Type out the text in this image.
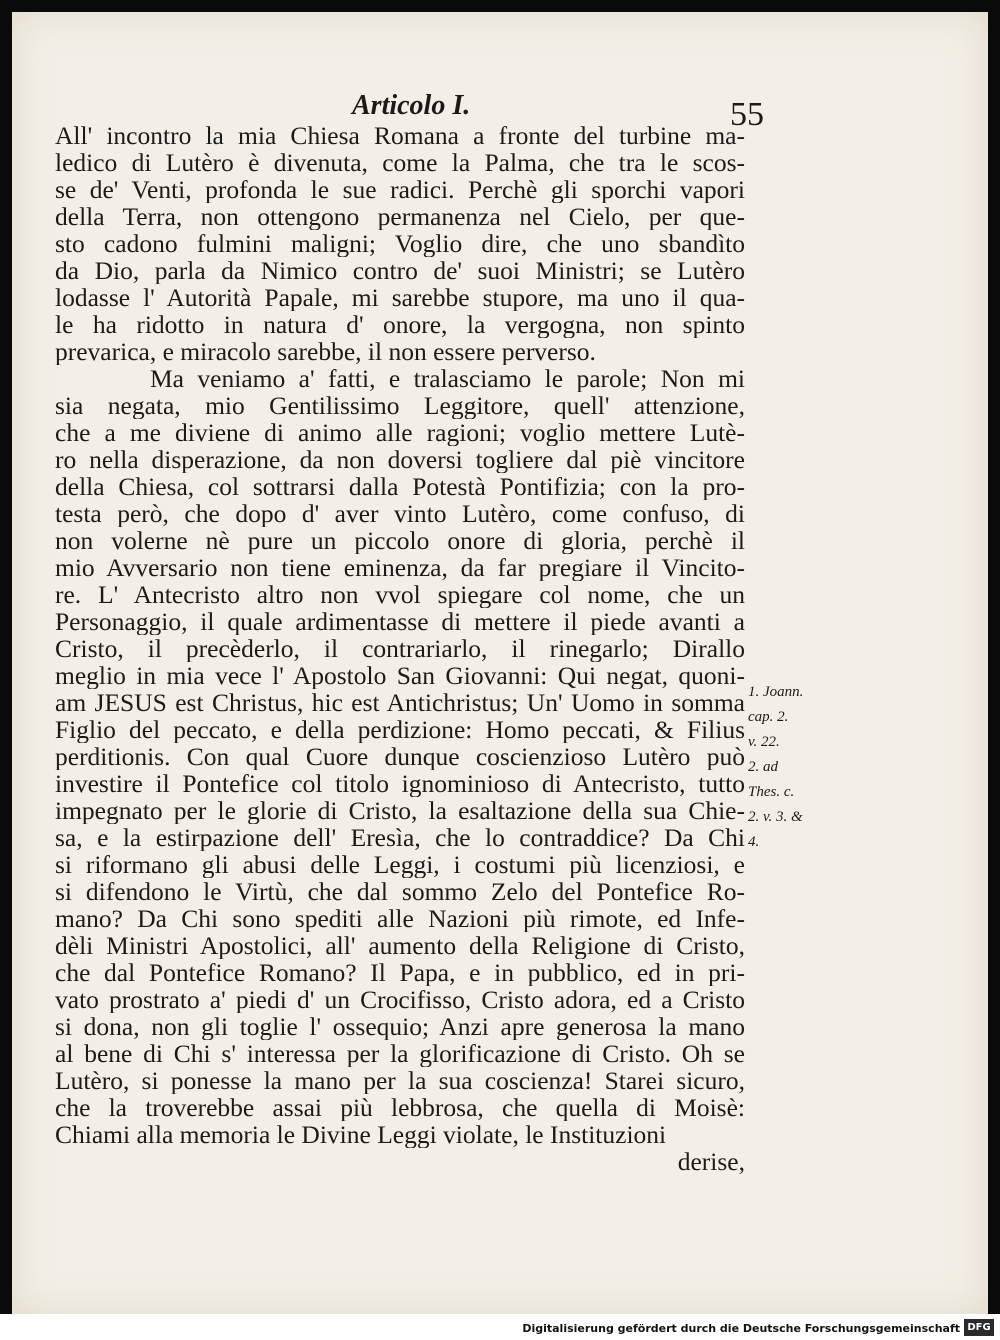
Articolo I.	55
All' incontro la mia Chiesa Romana a fronte del turbine ma-
ledico di Lutèro è divenuta, come la Palma, che tra le scos-
se de' Venti, profonda le sue radici. Perchè gli sporchi vapori
della Terra, non ottengono permanenza nel Cielo, per que-
sto cadono fulmini maligni; Voglio dire, che uno sbandìto
da Dio, parla da Nimico contro de' suoi Ministri; se Lutèro
lodasse l' Autorità Papale, mi sarebbe stupore, ma uno il qua-
le ha ridotto in natura d' onore, la vergogna, non spinto
prevarica, e miracolo sarebbe, il non essere perverso.
Ma veniamo a' fatti, e tralasciamo le parole; Non mi
sia negata, mio Gentilissimo Leggitore, quell' attenzione,
che a me diviene di animo alle ragioni; voglio mettere Lutè-
ro nella disperazione, da non doversi togliere dal piè vincitore
della Chiesa, col sottrarsi dalla Potestà Pontifizia; con la pro-
testa però, che dopo d' aver vinto Lutèro, come confuso, di
non volerne nè pure un piccolo onore di gloria, perchè il
mio Avversario non tiene eminenza, da far pregiare il Vincito-
re. L' Antecristo altro non vvol spiegare col nome, che un
Personaggio, il quale ardimentasse di mettere il piede avanti a
Cristo, il precèderlo, il contrariarlo, il rinegarlo; Dirallo
meglio in mia vece l' Apostolo San Giovanni: Qui negat, quoni-
am JESUS est Christus, hic est Antichristus; Un' Uomo in somma
Figlio del peccato, e della perdizione: Homo peccati, & Filius
perditionis. Con qual Cuore dunque coscienzioso Lutèro può
investire il Pontefice col titolo ignominioso di Antecristo, tutto
impegnato per le glorie di Cristo, la esaltazione della sua Chie-
sa, e la estirpazione dell' Eresìa, che lo contraddice? Da Chi
si riformano gli abusi delle Leggi, i costumi più licenziosi, e
si difendono le Virtù, che dal sommo Zelo del Pontefice Ro-
mano? Da Chi sono spediti alle Nazioni più rimote, ed Infe-
dèli Ministri Apostolici, all' aumento della Religione di Cristo,
che dal Pontefice Romano? Il Papa, e in pubblico, ed in pri-
vato prostrato a' piedi d' un Crocifisso, Cristo adora, ed a Cristo
si dona, non gli toglie l' ossequio; Anzi apre generosa la mano
al bene di Chi s' interessa per la glorificazione di Cristo. Oh se
Lutèro, si ponesse la mano per la sua coscienza! Starei sicuro,
che la troverebbe assai più lebbrosa, che quella di Moisè:
Chiami alla memoria le Divine Leggi violate, le Instituzioni
derise,
1. Joann.
cap. 2.
v. 22.
2. ad
Thes. c.
2. v. 3. &
4.
Digitalisierung gefördert durch die Deutsche Forschungsgemeinschaft DFG
